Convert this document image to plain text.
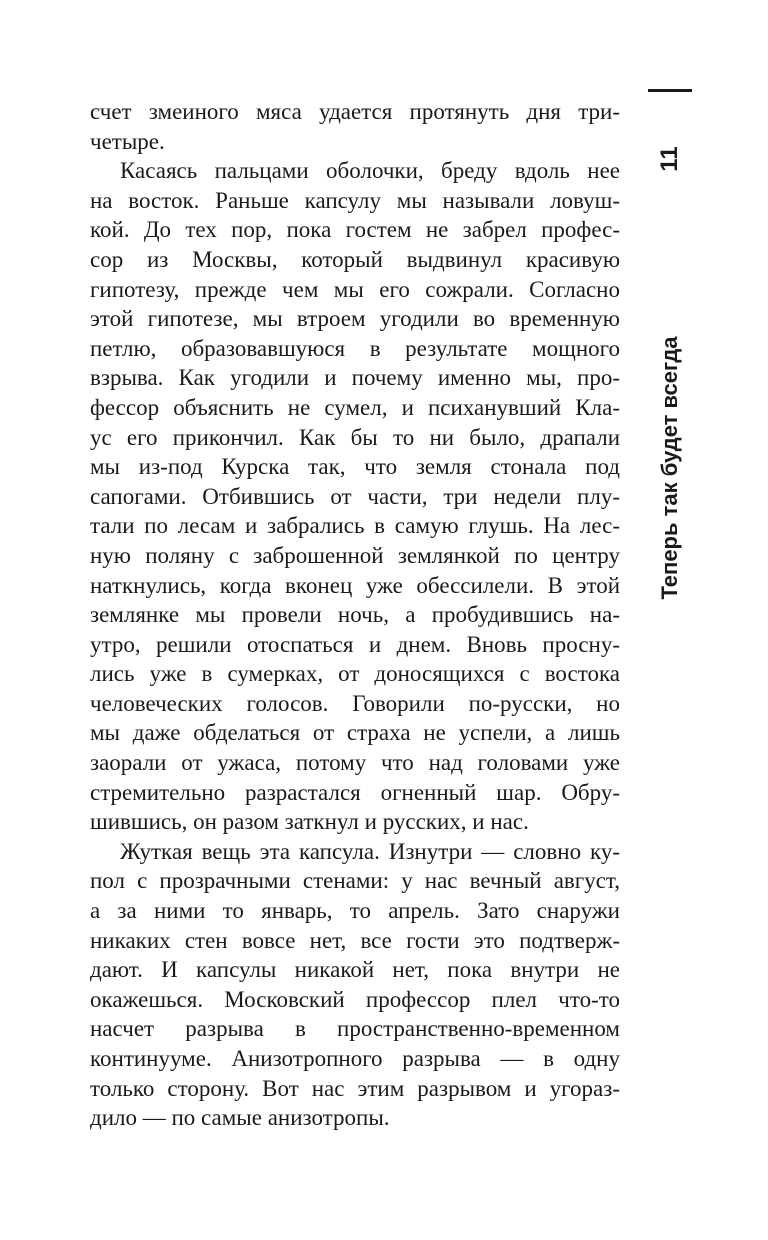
11
Теперь так будет всегда
счет змеиного мяса удается протянуть дня три-
четыре.
Касаясь пальцами оболочки, бреду вдоль нее
на восток. Раньше капсулу мы называли ловуш-
кой. До тех пор, пока гостем не забрел профес-
сор из Москвы, который выдвинул красивую
гипотезу, прежде чем мы его сожрали. Согласно
этой гипотезе, мы втроем угодили во временную
петлю, образовавшуюся в результате мощного
взрыва. Как угодили и почему именно мы, про-
фессор объяснить не сумел, и психанувший Кла-
ус его прикончил. Как бы то ни было, драпали
мы из-под Курска так, что земля стонала под
сапогами. Отбившись от части, три недели плу-
тали по лесам и забрались в самую глушь. На лес-
ную поляну с заброшенной землянкой по центру
наткнулись, когда вконец уже обессилели. В этой
землянке мы провели ночь, а пробудившись на-
утро, решили отоспаться и днем. Вновь просну-
лись уже в сумерках, от доносящихся с востока
человеческих голосов. Говорили по-русски, но
мы даже обделаться от страха не успели, а лишь
заорали от ужаса, потому что над головами уже
стремительно разрастался огненный шар. Обру-
шившись, он разом заткнул и русских, и нас.
Жуткая вещь эта капсула. Изнутри — словно ку-
пол с прозрачными стенами: у нас вечный август,
а за ними то январь, то апрель. Зато снаружи
никаких стен вовсе нет, все гости это подтверж-
дают. И капсулы никакой нет, пока внутри не
окажешься. Московский профессор плел что-то
насчет разрыва в пространственно-временном
континууме. Анизотропного разрыва — в одну
только сторону. Вот нас этим разрывом и угораз-
дило — по самые анизотропы.
